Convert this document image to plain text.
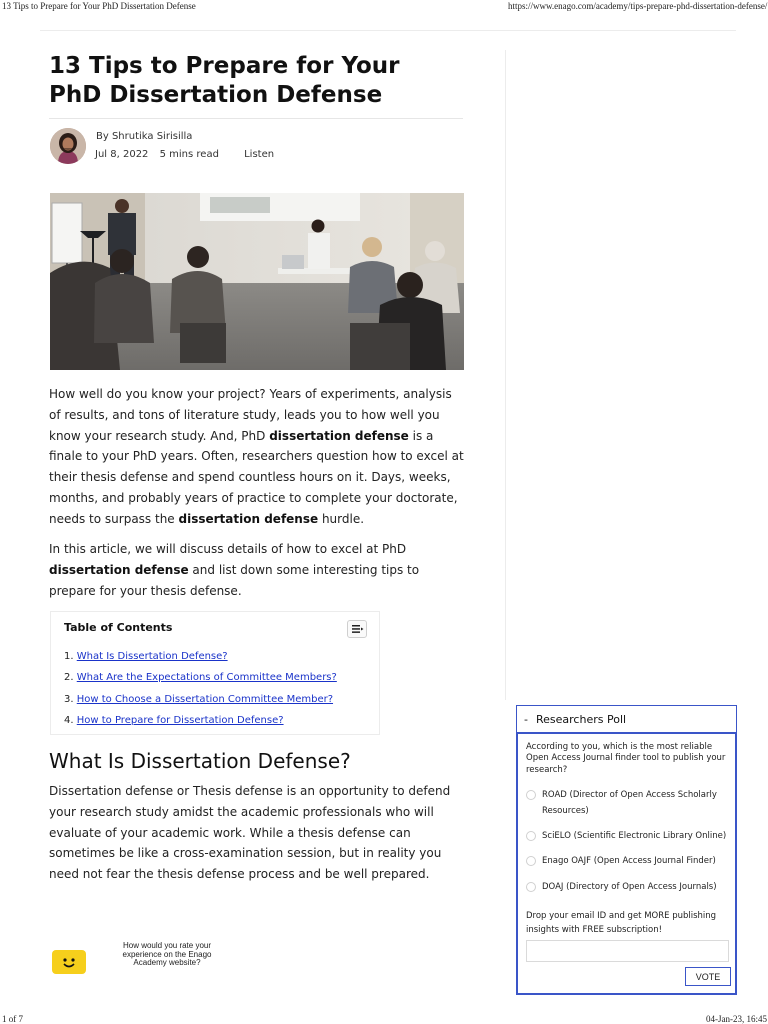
13 Tips to Prepare for Your PhD Dissertation Defense	https://www.enago.com/academy/tips-prepare-phd-dissertation-defense/
13 Tips to Prepare for Your PhD Dissertation Defense
By Shrutika Sirisilla
Jul 8, 2022 5 mins read	Listen

How well do you know your project? Years of experiments, analysis of results, and tons of literature study, leads you to how well you know your research study. And, PhD dissertation defense is a finale to your PhD years. Often, researchers question how to excel at their thesis defense and spend countless hours on it. Days, weeks, months, and probably years of practice to complete your doctorate, needs to surpass the dissertation defense hurdle.

In this article, we will discuss details of how to excel at PhD dissertation defense and list down some interesting tips to prepare for your thesis defense.

Table of Contents
1. What Is Dissertation Defense?
2. What Are the Expectations of Committee Members?
3. How to Choose a Dissertation Committee Member?
4. How to Prepare for Dissertation Defense?
What Is Dissertation Defense?

Dissertation defense or Thesis defense is an opportunity to defend your research study amidst the academic professionals who will evaluate of your academic work. While a thesis defense can sometimes be like a cross-examination session, but in reality you need not fear the thesis defense process and be well prepared.

How would you rate your experience on the Enago Academy website?
- Researchers Poll
According to you, which is the most reliable Open Access Journal finder tool to publish your research?
ROAD (Director of Open Access Scholarly Resources)
SciELO (Scientific Electronic Library Online)
Enago OAJF (Open Access Journal Finder)
DOAJ (Directory of Open Access Journals)
Drop your email ID and get MORE publishing insights with FREE subscription!
VOTE
1 of 7	04-Jan-23, 16:45
